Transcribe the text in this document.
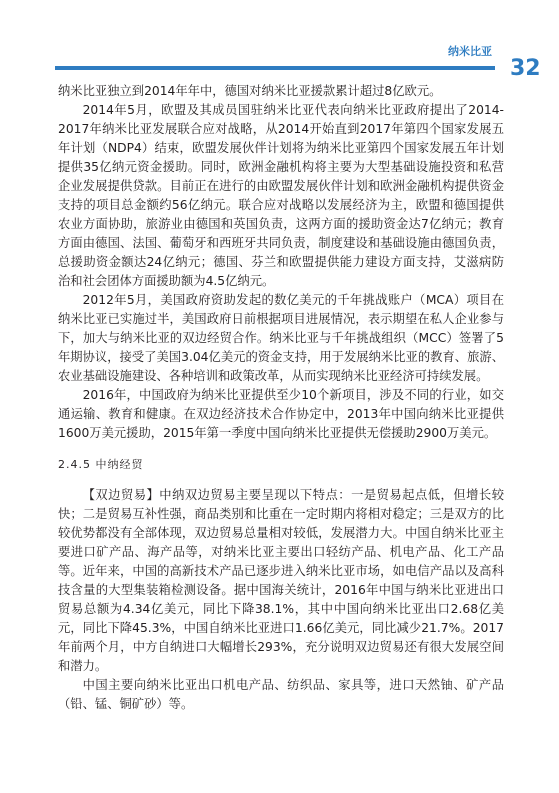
纳米比亚
32

纳米比亚独立到2014年年中，德国对纳米比亚援款累计超过8亿欧元。

2014年5月，欧盟及其成员国驻纳米比亚代表向纳米比亚政府提出了2014-2017年纳米比亚发展联合应对战略，从2014开始直到2017年第四个国家发展五年计划（NDP4）结束，欧盟发展伙伴计划将为纳米比亚第四个国家发展五年计划提供35亿纳元资金援助。同时，欧洲金融机构将主要为大型基础设施投资和私营企业发展提供贷款。目前正在进行的由欧盟发展伙伴计划和欧洲金融机构提供资金支持的项目总金额约56亿纳元。联合应对战略以发展经济为主，欧盟和德国提供农业方面协助，旅游业由德国和英国负责，这两方面的援助资金达7亿纳元；教育方面由德国、法国、葡萄牙和西班牙共同负责，制度建设和基础设施由德国负责，总援助资金额达24亿纳元；德国、芬兰和欧盟提供能力建设方面支持，艾滋病防治和社会团体方面援助额为4.5亿纳元。

2012年5月，美国政府资助发起的数亿美元的千年挑战账户（MCA）项目在纳米比亚已实施过半，美国政府日前根据项目进展情况，表示期望在私人企业参与下，加大与纳米比亚的双边经贸合作。纳米比亚与千年挑战组织（MCC）签署了5年期协议，接受了美国3.04亿美元的资金支持，用于发展纳米比亚的教育、旅游、农业基础设施建设、各种培训和政策改革，从而实现纳米比亚经济可持续发展。

2016年，中国政府为纳米比亚提供至少10个新项目，涉及不同的行业，如交通运输、教育和健康。在双边经济技术合作协定中，2013年中国向纳米比亚提供1600万美元援助，2015年第一季度中国向纳米比亚提供无偿援助2900万美元。

2.4.5 中纳经贸

【双边贸易】中纳双边贸易主要呈现以下特点：一是贸易起点低，但增长较快；二是贸易互补性强，商品类别和比重在一定时期内将相对稳定；三是双方的比较优势都没有全部体现，双边贸易总量相对较低，发展潜力大。中国自纳米比亚主要进口矿产品、海产品等，对纳米比亚主要出口轻纺产品、机电产品、化工产品等。近年来，中国的高新技术产品已逐步进入纳米比亚市场，如电信产品以及高科技含量的大型集装箱检测设备。据中国海关统计，2016年中国与纳米比亚进出口贸易总额为4.34亿美元，同比下降38.1%，其中中国向纳米比亚出口2.68亿美元，同比下降45.3%，中国自纳米比亚进口1.66亿美元，同比减少21.7%。2017年前两个月，中方自纳进口大幅增长293%，充分说明双边贸易还有很大发展空间和潜力。

中国主要向纳米比亚出口机电产品、纺织品、家具等，进口天然铀、矿产品（铅、锰、铜矿砂）等。
